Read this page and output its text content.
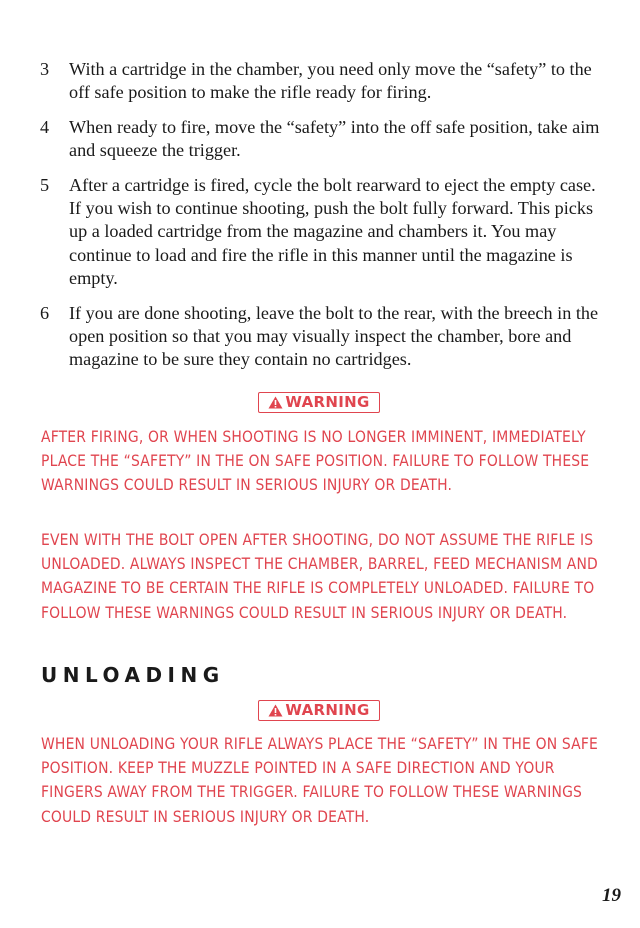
3 With a cartridge in the chamber, you need only move the “safety” to the off safe position to make the rifle ready for firing.
4 When ready to fire, move the “safety” into the off safe position, take aim and squeeze the trigger.
5 After a cartridge is fired, cycle the bolt rearward to eject the empty case. If you wish to continue shooting, push the bolt fully forward. This picks up a loaded cartridge from the magazine and chambers it. You may continue to load and fire the rifle in this manner until the magazine is empty.
6 If you are done shooting, leave the bolt to the rear, with the breech in the open position so that you may visually inspect the chamber, bore and magazine to be sure they contain no cartridges.
WARNING

AFTER FIRING, OR WHEN SHOOTING IS NO LONGER IMMINENT, IMMEDIATELY PLACE THE “SAFETY” IN THE ON SAFE POSITION. FAILURE TO FOLLOW THESE WARNINGS COULD RESULT IN SERIOUS INJURY OR DEATH.

EVEN WITH THE BOLT OPEN AFTER SHOOTING, DO NOT ASSUME THE RIFLE IS UNLOADED. ALWAYS INSPECT THE CHAMBER, BARREL, FEED MECHANISM AND MAGAZINE TO BE CERTAIN THE RIFLE IS COMPLETELY UNLOADED. FAILURE TO FOLLOW THESE WARNINGS COULD RESULT IN SERIOUS INJURY OR DEATH.

UNLOADING
WARNING

WHEN UNLOADING YOUR RIFLE ALWAYS PLACE THE “SAFETY” IN THE ON SAFE POSITION. KEEP THE MUZZLE POINTED IN A SAFE DIRECTION AND YOUR FINGERS AWAY FROM THE TRIGGER. FAILURE TO FOLLOW THESE WARNINGS COULD RESULT IN SERIOUS INJURY OR DEATH.

19
